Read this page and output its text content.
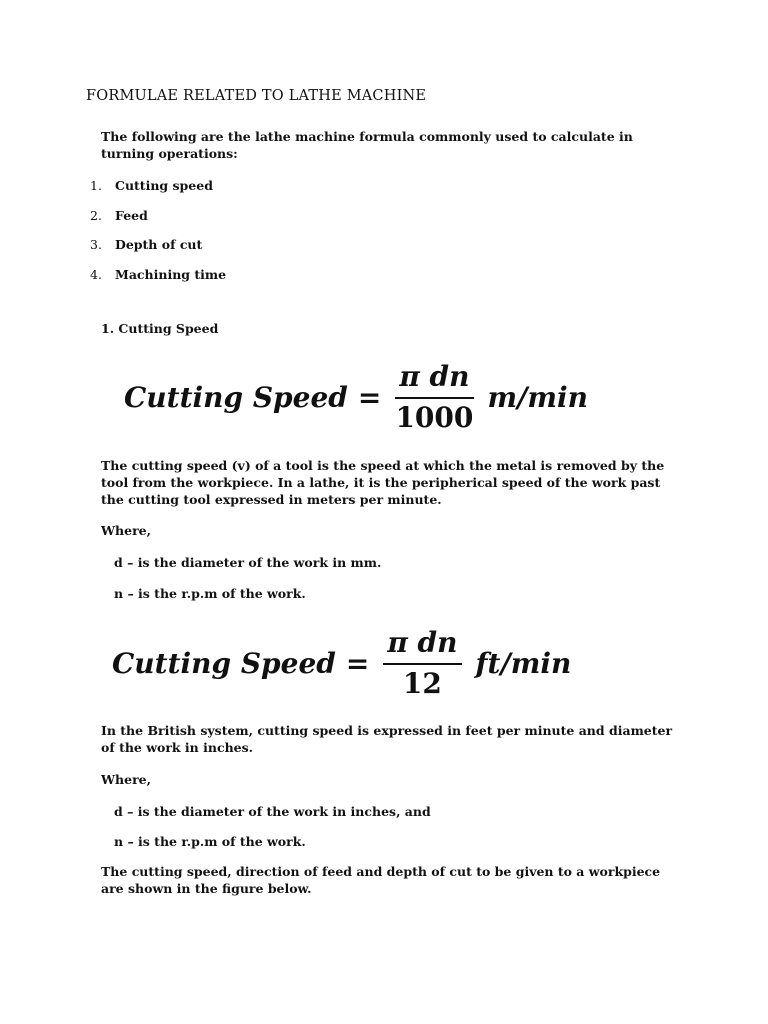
FORMULAE RELATED TO LATHE MACHINE
The following are the lathe machine formula commonly used to calculate in turning operations:
1. Cutting speed
2. Feed
3. Depth of cut
4. Machining time
1. Cutting Speed
Cutting Speed = $\frac{\text{π dn}}{1000} m/\min$
The cutting speed (v) of a tool is the speed at which the metal is removed by the tool from the workpiece. In a lathe, it is the peripherical speed of the work past the cutting tool expressed in meters per minute.
Where,
d – is the diameter of the work in mm.
n – is the r.p.m of the work.
Cutting Speed = $\frac{\text{π dn}}{12} ft/\min$
In the British system, cutting speed is expressed in feet per minute and diameter of the work in inches.
Where,
d – is the diameter of the work in inches, and
n – is the r.p.m of the work.
The cutting speed, direction of feed and depth of cut to be given to a workpiece are shown in the figure below.
